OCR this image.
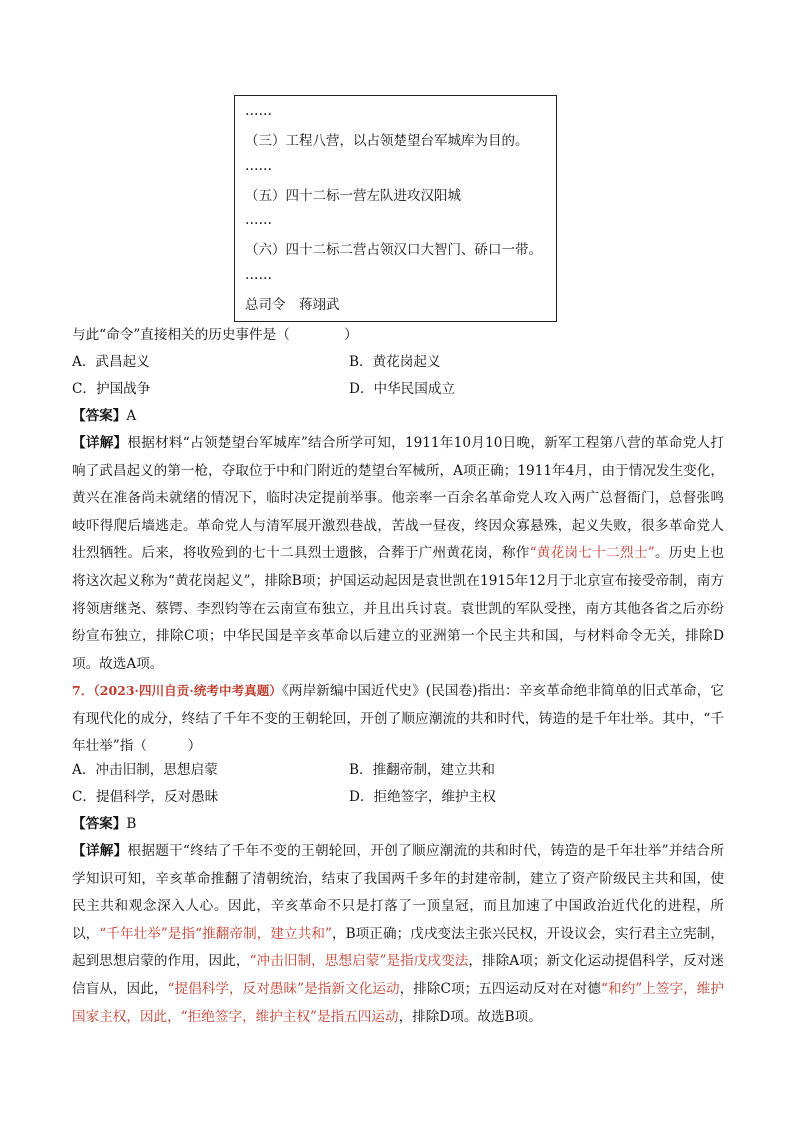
……
（三）工程八营，以占领楚望台军城库为目的。
……
（五）四十二标一营左队进攻汉阳城
……
（六）四十二标二营占领汉口大智门、硚口一带。
……
总司令　蒋翊武
与此“命令”直接相关的历史事件是（　　　　）
A．武昌起义	B．黄花岗起义
C．护国战争	D．中华民国成立
【答案】A
【详解】根据材料“占领楚望台军城库”结合所学可知，1911年10月10日晚，新军工程第八营的革命党人打响了武昌起义的第一枪，夺取位于中和门附近的楚望台军械所，A项正确；1911年4月，由于情况发生变化，黄兴在准备尚未就绪的情况下，临时决定提前举事。他亲率一百余名革命党人攻入两广总督衙门，总督张鸣岐吓得爬后墙逃走。革命党人与清军展开激烈巷战，苦战一昼夜，终因众寡悬殊，起义失败，很多革命党人壮烈牺牲。后来，将收殓到的七十二具烈士遗骸，合葬于广州黄花岗，称作“黄花岗七十二烈士”。历史上也将这次起义称为“黄花岗起义”，排除B项；护国运动起因是袁世凯在1915年12月于北京宣布接受帝制，南方将领唐继尧、蔡锷、李烈钧等在云南宣布独立，并且出兵讨袁。袁世凯的军队受挫，南方其他各省之后亦纷纷宣布独立，排除C项；中华民国是辛亥革命以后建立的亚洲第一个民主共和国，与材料命令无关，排除D项。故选A项。
7．（2023·四川自贡·统考中考真题）《两岸新编中国近代史》(民国卷)指出：辛亥革命绝非简单的旧式革命，它有现代化的成分，终结了千年不变的王朝轮回，开创了顺应潮流的共和时代，铸造的是千年壮举。其中，“千年壮举”指（　　　）
A．冲击旧制，思想启蒙	B．推翻帝制，建立共和
C．提倡科学，反对愚昧	D．拒绝签字，维护主权
【答案】B
【详解】根据题干“终结了千年不变的王朝轮回，开创了顺应潮流的共和时代，铸造的是千年壮举”并结合所学知识可知，辛亥革命推翻了清朝统治，结束了我国两千多年的封建帝制，建立了资产阶级民主共和国，使民主共和观念深入人心。因此，辛亥革命不只是打落了一顶皇冠，而且加速了中国政治近代化的进程，所以，“千年壮举”是指“推翻帝制，建立共和”，B项正确；戊戌变法主张兴民权，开设议会，实行君主立宪制，起到思想启蒙的作用，因此，“冲击旧制，思想启蒙”是指戊戌变法，排除A项；新文化运动提倡科学，反对迷信盲从，因此，“提倡科学，反对愚昧”是指新文化运动，排除C项；五四运动反对在对德“和约”上签字，维护国家主权，因此，“拒绝签字，维护主权”是指五四运动，排除D项。故选B项。
